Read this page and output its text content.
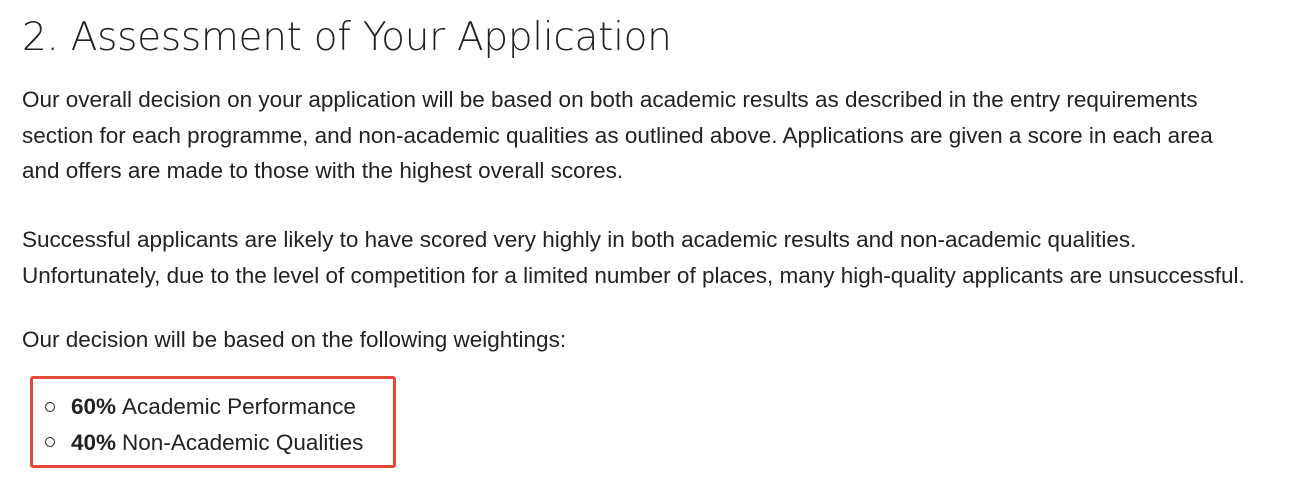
2. Assessment of Your Application

Our overall decision on your application will be based on both academic results as described in the entry requirements
section for each programme, and non-academic qualities as outlined above. Applications are given a score in each area
and offers are made to those with the highest overall scores.

Successful applicants are likely to have scored very highly in both academic results and non-academic qualities.
Unfortunately, due to the level of competition for a limited number of places, many high-quality applicants are unsuccessful.

Our decision will be based on the following weightings:

60% Academic Performance
40% Non-Academic Qualities
